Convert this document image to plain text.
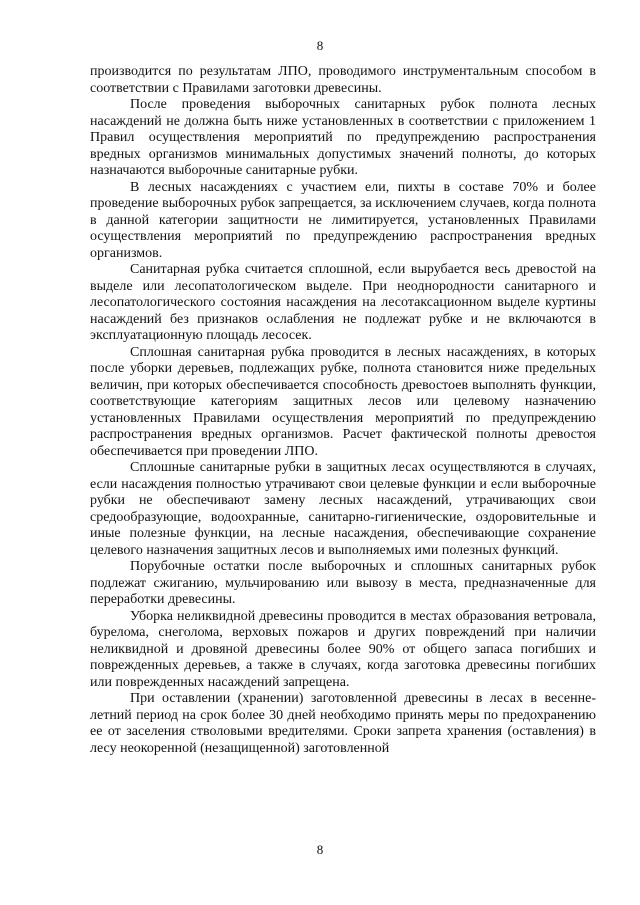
8

производится по результатам ЛПО, проводимого инструментальным способом в соответствии с Правилами заготовки древесины.

После проведения выборочных санитарных рубок полнота лесных насаждений не должна быть ниже установленных в соответствии с приложением 1 Правил осуществления мероприятий по предупреждению распространения вредных организмов минимальных допустимых значений полноты, до которых назначаются выборочные санитарные рубки.

В лесных насаждениях с участием ели, пихты в составе 70% и более проведение выборочных рубок запрещается, за исключением случаев, когда полнота в данной категории защитности не лимитируется, установленных Правилами осуществления мероприятий по предупреждению распространения вредных организмов.

Санитарная рубка считается сплошной, если вырубается весь древостой на выделе или лесопатологическом выделе. При неоднородности санитарного и лесопатологического состояния насаждения на лесотаксационном выделе куртины насаждений без признаков ослабления не подлежат рубке и не включаются в эксплуатационную площадь лесосек.

Сплошная санитарная рубка проводится в лесных насаждениях, в которых после уборки деревьев, подлежащих рубке, полнота становится ниже предельных величин, при которых обеспечивается способность древостоев выполнять функции, соответствующие категориям защитных лесов или целевому назначению установленных Правилами осуществления мероприятий по предупреждению распространения вредных организмов. Расчет фактической полноты древостоя обеспечивается при проведении ЛПО.

Сплошные санитарные рубки в защитных лесах осуществляются в случаях, если насаждения полностью утрачивают свои целевые функции и если выборочные рубки не обеспечивают замену лесных насаждений, утрачивающих свои средообразующие, водоохранные, санитарно-гигиенические, оздоровительные и иные полезные функции, на лесные насаждения, обеспечивающие сохранение целевого назначения защитных лесов и выполняемых ими полезных функций.

Порубочные остатки после выборочных и сплошных санитарных рубок подлежат сжиганию, мульчированию или вывозу в места, предназначенные для переработки древесины.

Уборка неликвидной древесины проводится в местах образования ветровала, бурелома, снеголома, верховых пожаров и других повреждений при наличии неликвидной и дровяной древесины более 90% от общего запаса погибших и поврежденных деревьев, а также в случаях, когда заготовка древесины погибших или поврежденных насаждений запрещена.

При оставлении (хранении) заготовленной древесины в лесах в весенне-летний период на срок более 30 дней необходимо принять меры по предохранению ее от заселения стволовыми вредителями. Сроки запрета хранения (оставления) в лесу неокоренной (незащищенной) заготовленной

8
